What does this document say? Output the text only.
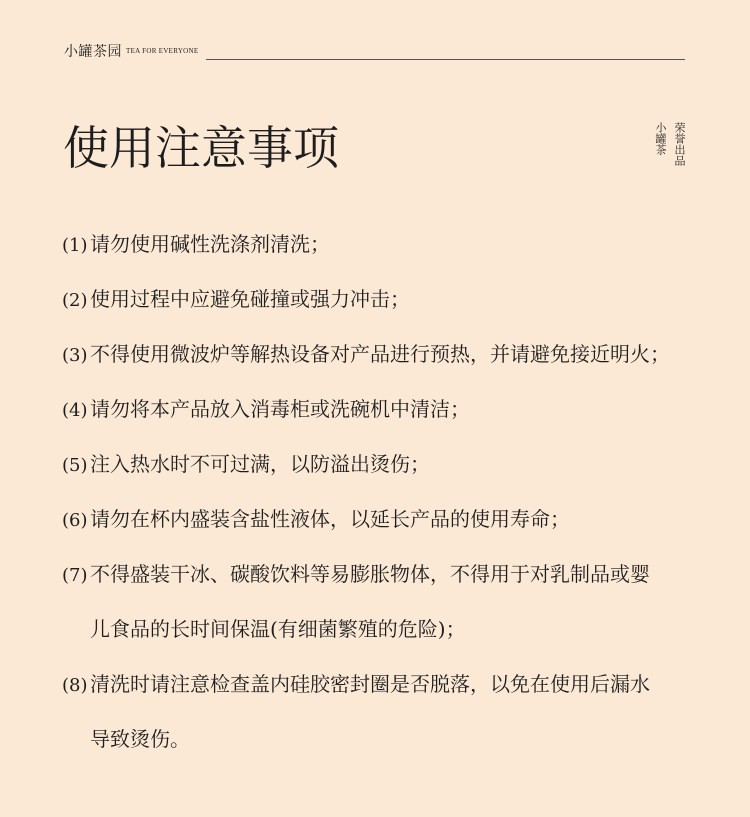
小罐茶园 TEA FOR EVERYONE
使用注意事项	荣誉出品
小罐茶
(1) 请勿使用碱性洗涤剂清洗；
(2) 使用过程中应避免碰撞或强力冲击；
(3) 不得使用微波炉等解热设备对产品进行预热，并请避免接近明火；
(4) 请勿将本产品放入消毒柜或洗碗机中清洁；
(5) 注入热水时不可过满，以防溢出烫伤；
(6) 请勿在杯内盛装含盐性液体，以延长产品的使用寿命；
(7) 不得盛装干冰、碳酸饮料等易膨胀物体，不得用于对乳制品或婴
儿食品的长时间保温(有细菌繁殖的危险)；
(8) 清洗时请注意检查盖内硅胶密封圈是否脱落，以免在使用后漏水
导致烫伤。
